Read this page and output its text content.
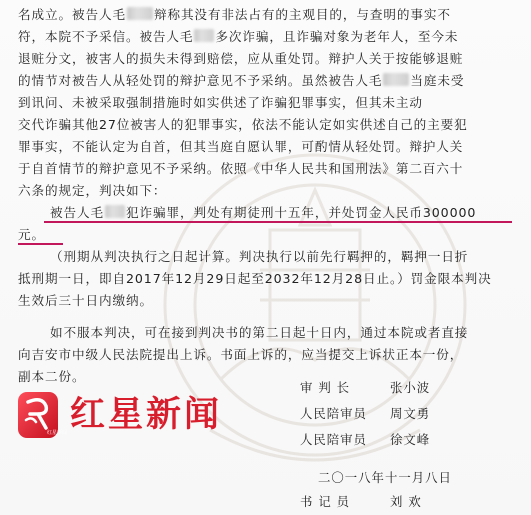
名成立。被告人毛 辩称其没有非法占有的主观目的，与查明的事实不
符，本院不予采信。被告人毛 多次诈骗，且诈骗对象为老年人，至今未
退赃分文，被害人的损失未得到赔偿，应从重处罚。辩护人关于按能够退赃
的情节对被告人从轻处罚的辩护意见不予采纳。虽然被告人毛 当庭未受
到讯问、未被采取强制措施时如实供述了诈骗犯罪事实，但其未主动
交代诈骗其他27位被害人的犯罪事实，依法不能认定如实供述自己的主要犯
罪事实，不能认定为自首，但其当庭自愿认罪，可酌情从轻处罚。辩护人关
于自首情节的辩护意见不予采纳。依照《中华人民共和国刑法》第二百六十
六条的规定，判决如下：
被告人毛 犯诈骗罪，判处有期徒刑十五年，并处罚金人民币300000
元。
（刑期从判决执行之日起计算。判决执行以前先行羁押的，羁押一日折
抵刑期一日，即自2017年12月29日起至2032年12月28日止。）罚金限本判决
生效后三十日内缴纳。
如不服本判决，可在接到判决书的第二日起十日内，通过本院或者直接
向吉安市中级人民法院提出上诉。书面上诉的，应当提交上诉状正本一份，
副本二份。
审 判 长	张小波
人民陪审员 周文勇
人民陪审员 徐文峰
二〇一八年十一月八日
书 记 员	刘 欢
红星新闻 红星新闻
